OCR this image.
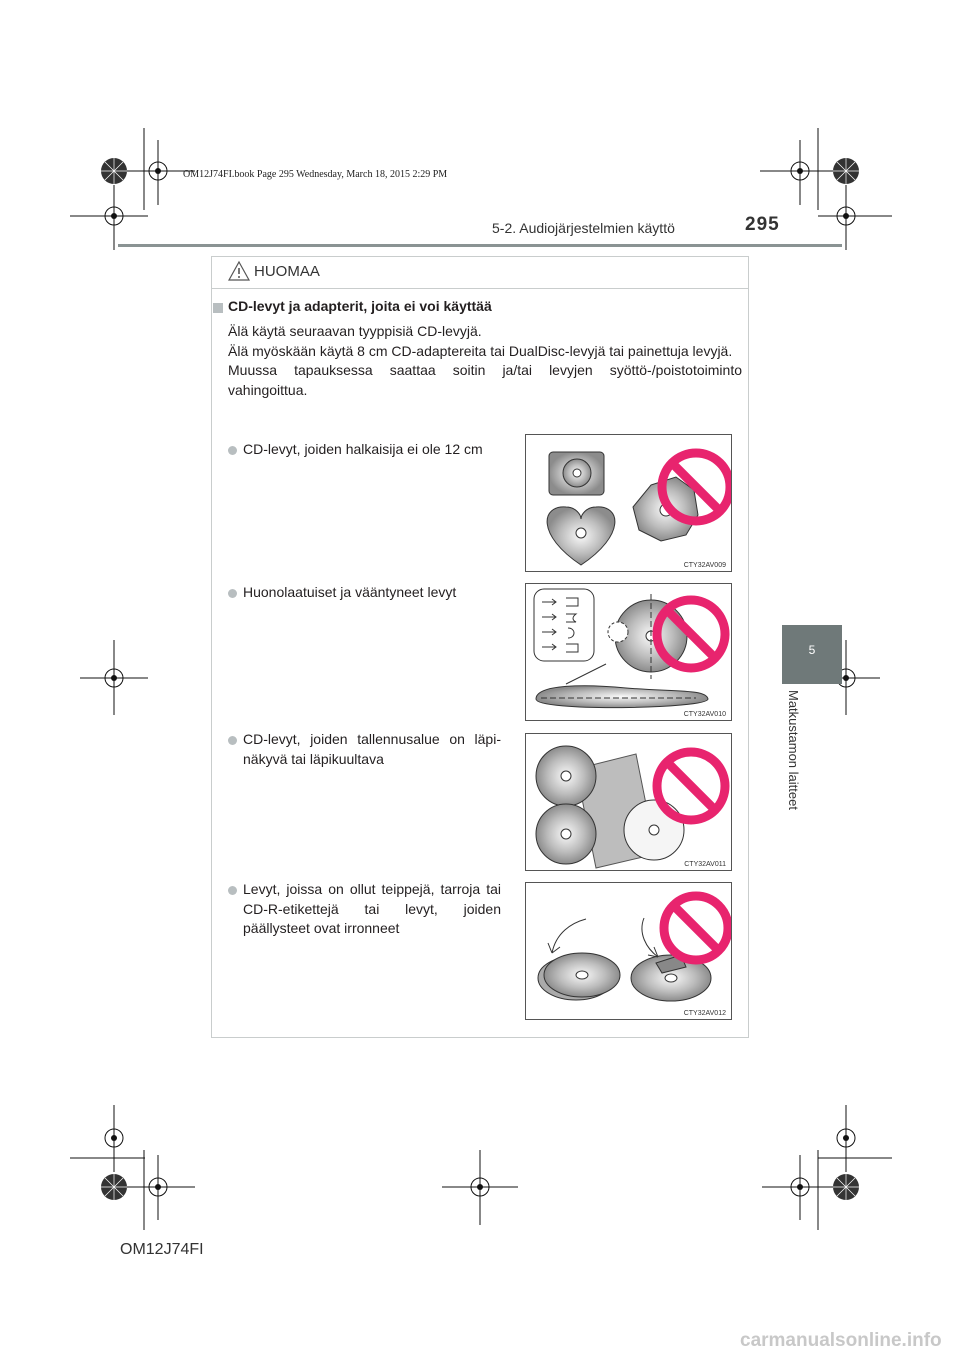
OM12J74FI.book Page 295 Wednesday, March 18, 2015 2:29 PM
5-2. Audiojärjestelmien käyttö	295
5
Matkustamon laitteet
HUOMAA
CD-levyt ja adapterit, joita ei voi käyttää
Älä käytä seuraavan tyyppisiä CD-levyjä.
Älä myöskään käytä 8 cm CD-adaptereita tai DualDisc-levyjä tai painettuja levyjä.
Muussa tapauksessa saattaa soitin ja/tai levyjen syöttö-/poistotoiminto vahingoittua.
CD-levyt, joiden halkaisija ei ole 12 cm
CTY32AV009
Huonolaatuiset ja vääntyneet levyt
CTY32AV010
CD-levyt, joiden tallennusalue on läpi-näkyvä tai läpikuultava
CTY32AV011
Levyt, joissa on ollut teippejä, tarroja tai CD-R-etikettejä tai levyt, joiden päällysteet ovat irronneet
CTY32AV012
OM12J74FI
carmanualsonline.info
